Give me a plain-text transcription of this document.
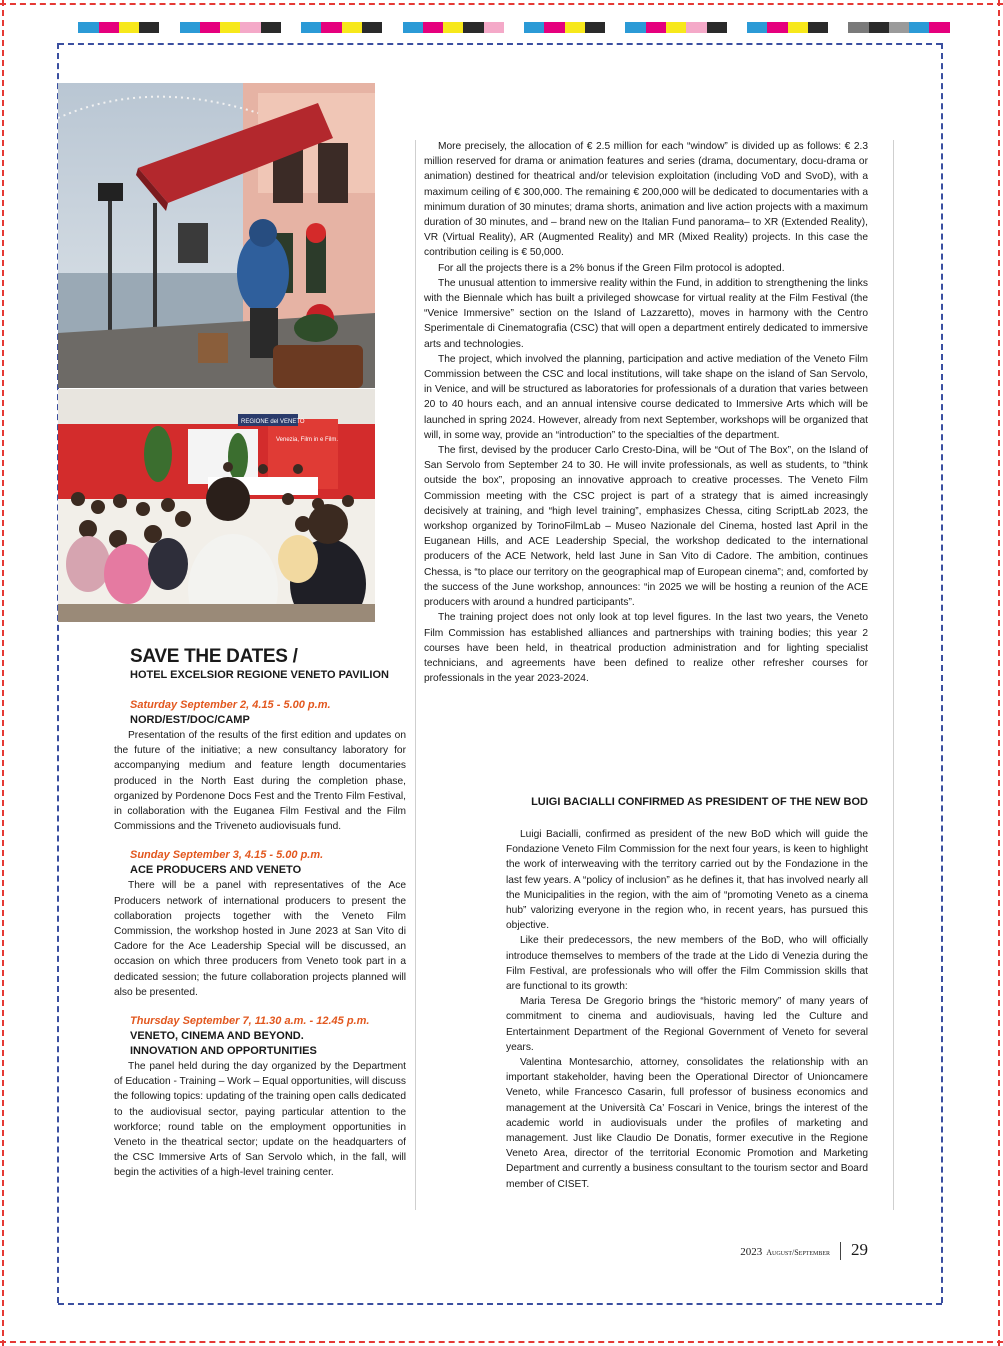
Venezia, Film in e Film.
REGIONE del VENETO

More precisely, the allocation of € 2.5 million for each “window” is divided up as follows: € 2.3 million reserved for drama or animation features and series (drama, documentary, docu-drama or animation) destined for theatrical and/or television exploitation (including VoD and SvoD), with a maximum ceiling of € 300,000. The remaining € 200,000 will be dedicated to documentaries with a minimum duration of 30 minutes; drama shorts, animation and live action projects with a maximum duration of 30 minutes, and – brand new on the Italian Fund panorama– to XR (Extended Reality), VR (Virtual Reality), AR (Augmented Reality) and MR (Mixed Reality) projects. In this case the contribution ceiling is € 50,000.

For all the projects there is a 2% bonus if the Green Film protocol is adopted.

The unusual attention to immersive reality within the Fund, in addition to strengthening the links with the Biennale which has built a privileged showcase for virtual reality at the Film Festival (the “Venice Immersive” section on the Island of Lazzaretto), moves in harmony with the Centro Sperimentale di Cinematografia (CSC) that will open a department entirely dedicated to immersive arts and technologies.

The project, which involved the planning, participation and active mediation of the Veneto Film Commission between the CSC and local institutions, will take shape on the island of San Servolo, in Venice, and will be structured as laboratories for professionals of a duration that varies between 20 to 40 hours each, and an annual intensive course dedicated to Immersive Arts which will be launched in spring 2024. However, already from next September, workshops will be organized that will, in some way, provide an “introduction” to the specialties of the department.

The first, devised by the producer Carlo Cresto-Dina, will be “Out of The Box”, on the Island of San Servolo from September 24 to 30. He will invite professionals, as well as students, to “think outside the box”, proposing an innovative approach to creative processes. The Veneto Film Commission meeting with the CSC project is part of a strategy that is aimed increasingly decisively at training, and “high level training”, emphasizes Chessa, citing ScriptLab 2023, the workshop organized by TorinoFilmLab – Museo Nazionale del Cinema, hosted last April in the Euganean Hills, and ACE Leadership Special, the workshop dedicated to the international producers of the ACE Network, held last June in San Vito di Cadore. The ambition, continues Chessa, is “to place our territory on the geographical map of European cinema”; and, comforted by the success of the June workshop, announces: “in 2025 we will be hosting a reunion of the ACE producers with around a hundred participants”.

The training project does not only look at top level figures. In the last two years, the Veneto Film Commission has established alliances and partnerships with training bodies; this year 2 courses have been held, in theatrical production administration and for lighting specialist technicians, and agreements have been defined to realize other refresher courses for professionals in the year 2023-2024.

LUIGI BACIALLI CONFIRMED AS PRESIDENT OF THE NEW BOD

Luigi Bacialli, confirmed as president of the new BoD which will guide the Fondazione Veneto Film Commission for the next four years, is keen to highlight the work of interweaving with the territory carried out by the Fondazione in the last few years. A “policy of inclusion” as he defines it, that has involved nearly all the Municipalities in the region, with the aim of “promoting Veneto as a cinema hub” valorizing everyone in the region who, in recent years, has pursued this objective.

Like their predecessors, the new members of the BoD, who will officially introduce themselves to members of the trade at the Lido di Venezia during the Film Festival, are professionals who will offer the Film Commission skills that are functional to its growth:

Maria Teresa De Gregorio brings the “historic memory” of many years of commitment to cinema and audiovisuals, having led the Culture and Entertainment Department of the Regional Government of Veneto for several years.

Valentina Montesarchio, attorney, consolidates the relationship with an important stakeholder, having been the Operational Director of Unioncamere Veneto, while Francesco Casarin, full professor of business economics and management at the Università Ca’ Foscari in Venice, brings the interest of the academic world in audiovisuals under the profiles of marketing and management. Just like Claudio De Donatis, former executive in the Regione Veneto Area, director of the territorial Economic Promotion and Marketing Department and currently a business consultant to the tourism sector and Board member of CISET.

SAVE THE DATES /
HOTEL EXCELSIOR REGIONE VENETO PAVILION
Saturday September 2, 4.15 - 5.00 p.m.
NORD/EST/DOC/CAMP

Presentation of the results of the first edition and updates on the future of the initiative; a new consultancy laboratory for accompanying medium and feature length documentaries produced in the North East during the completion phase, organized by Pordenone Docs Fest and the Trento Film Festival, in collaboration with the Euganea Film Festival and the Film Commissions and the Triveneto audiovisuals fund.

Sunday September 3, 4.15 - 5.00 p.m.
ACE PRODUCERS AND VENETO

There will be a panel with representatives of the Ace Producers network of international producers to present the collaboration projects together with the Veneto Film Commission, the workshop hosted in June 2023 at San Vito di Cadore for the Ace Leadership Special will be discussed, an occasion on which three producers from Veneto took part in a dedicated session; the future collaboration projects planned will also be presented.

Thursday September 7, 11.30 a.m. - 12.45 p.m.
VENETO, CINEMA AND BEYOND.
INNOVATION AND OPPORTUNITIES

The panel held during the day organized by the Department of Education - Training – Work – Equal opportunities, will discuss the following topics: updating of the training open calls dedicated to the audiovisual sector, paying particular attention to the workforce; round table on the employment opportunities in Veneto in the theatrical sector; update on the headquarters of the CSC Immersive Arts of San Servolo which, in the fall, will begin the activities of a high-level training center.

2023 August/September 29
